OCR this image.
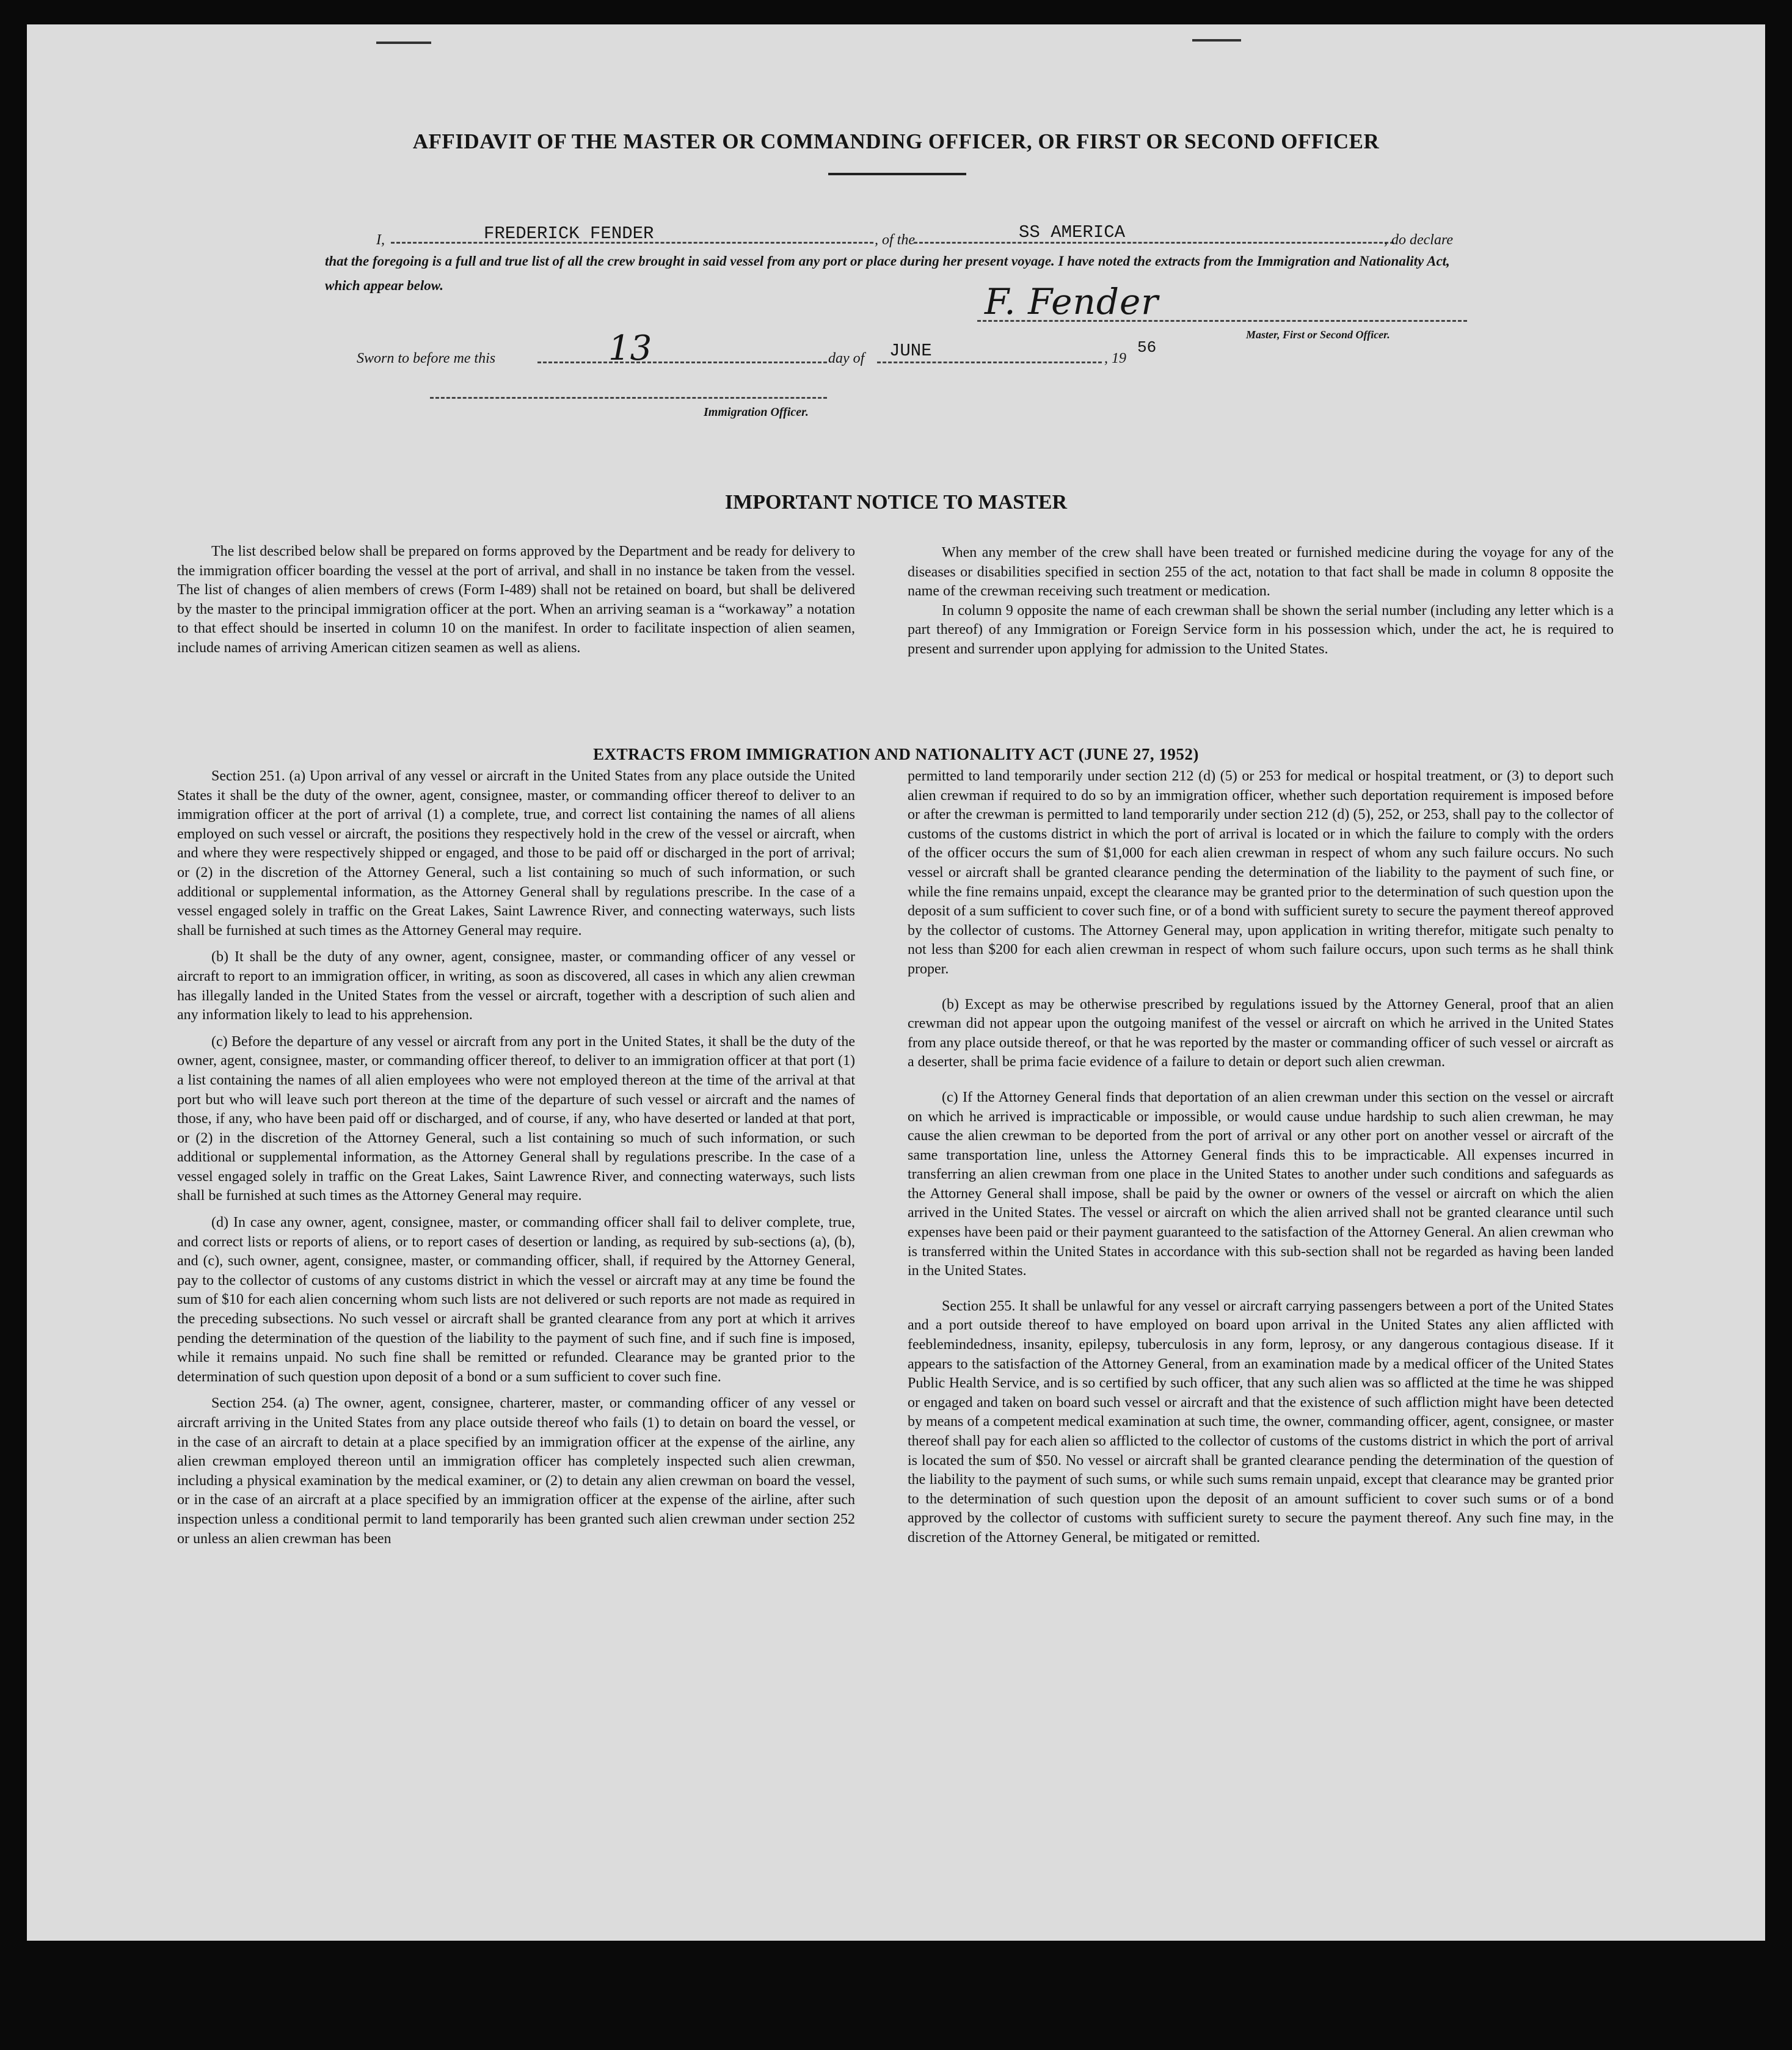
AFFIDAVIT OF THE MASTER OR COMMANDING OFFICER, OR FIRST OR SECOND OFFICER
I,	FREDERICK FENDER	, of the	SS AMERICA	, do declare
that the foregoing is a full and true list of all the crew brought in said vessel from any port or place during her present voyage. I have noted the extracts from the Immigration and Nationality Act, which appear below.	F. Fender
Master, First or Second Officer.
Sworn to before me this	13	day of JUNE	, 19
56
Immigration Officer.
IMPORTANT NOTICE TO MASTER

The list described below shall be prepared on forms approved by the Department and be ready for delivery to the immigration officer boarding the vessel at the port of arrival, and shall in no instance be taken from the vessel. The list of changes of alien members of crews (Form I-489) shall not be retained on board, but shall be delivered by the master to the principal immigration officer at the port. When an arriving seaman is a “workaway” a notation to that effect should be inserted in column 10 on the manifest. In order to facilitate inspection of alien seamen, include names of arriving American citizen seamen as well as aliens.

When any member of the crew shall have been treated or furnished medicine during the voyage for any of the diseases or disabilities specified in section 255 of the act, notation to that fact shall be made in column 8 opposite the name of the crewman receiving such treatment or medication.

In column 9 opposite the name of each crewman shall be shown the serial number (including any letter which is a part thereof) of any Immigration or Foreign Service form in his possession which, under the act, he is required to present and surrender upon applying for admission to the United States.

EXTRACTS FROM IMMIGRATION AND NATIONALITY ACT (JUNE 27, 1952)

Section 251. (a) Upon arrival of any vessel or aircraft in the United States from any place outside the United States it shall be the duty of the owner, agent, consignee, master, or commanding officer thereof to deliver to an immigration officer at the port of arrival (1) a complete, true, and correct list containing the names of all aliens employed on such vessel or aircraft, the positions they respectively hold in the crew of the vessel or aircraft, when and where they were respectively shipped or engaged, and those to be paid off or discharged in the port of arrival; or (2) in the discretion of the Attorney General, such a list containing so much of such information, or such additional or supplemental information, as the Attorney General shall by regulations prescribe. In the case of a vessel engaged solely in traffic on the Great Lakes, Saint Lawrence River, and connecting waterways, such lists shall be furnished at such times as the Attorney General may require.

(b) It shall be the duty of any owner, agent, consignee, master, or commanding officer of any vessel or aircraft to report to an immigration officer, in writing, as soon as discovered, all cases in which any alien crewman has illegally landed in the United States from the vessel or aircraft, together with a description of such alien and any information likely to lead to his apprehension.

(c) Before the departure of any vessel or aircraft from any port in the United States, it shall be the duty of the owner, agent, consignee, master, or commanding officer thereof, to deliver to an immigration officer at that port (1) a list containing the names of all alien employees who were not employed thereon at the time of the arrival at that port but who will leave such port thereon at the time of the departure of such vessel or aircraft and the names of those, if any, who have been paid off or discharged, and of course, if any, who have deserted or landed at that port, or (2) in the discretion of the Attorney General, such a list containing so much of such information, or such additional or supplemental information, as the Attorney General shall by regulations prescribe. In the case of a vessel engaged solely in traffic on the Great Lakes, Saint Lawrence River, and connecting waterways, such lists shall be furnished at such times as the Attorney General may require.

(d) In case any owner, agent, consignee, master, or commanding officer shall fail to deliver complete, true, and correct lists or reports of aliens, or to report cases of desertion or landing, as required by sub-sections (a), (b), and (c), such owner, agent, consignee, master, or commanding officer, shall, if required by the Attorney General, pay to the collector of customs of any customs district in which the vessel or aircraft may at any time be found the sum of $10 for each alien concerning whom such lists are not delivered or such reports are not made as required in the preceding subsections. No such vessel or aircraft shall be granted clearance from any port at which it arrives pending the determination of the question of the liability to the payment of such fine, and if such fine is imposed, while it remains unpaid. No such fine shall be remitted or refunded. Clearance may be granted prior to the determination of such question upon deposit of a bond or a sum sufficient to cover such fine.

Section 254. (a) The owner, agent, consignee, charterer, master, or commanding officer of any vessel or aircraft arriving in the United States from any place outside thereof who fails (1) to detain on board the vessel, or in the case of an aircraft to detain at a place specified by an immigration officer at the expense of the airline, any alien crewman employed thereon until an immigration officer has completely inspected such alien crewman, including a physical examination by the medical examiner, or (2) to detain any alien crewman on board the vessel, or in the case of an aircraft at a place specified by an immigration officer at the expense of the airline, after such inspection unless a conditional permit to land temporarily has been granted such alien crewman under section 252 or unless an alien crewman has been

permitted to land temporarily under section 212 (d) (5) or 253 for medical or hospital treatment, or (3) to deport such alien crewman if required to do so by an immigration officer, whether such deportation requirement is imposed before or after the crewman is permitted to land temporarily under section 212 (d) (5), 252, or 253, shall pay to the collector of customs of the customs district in which the port of arrival is located or in which the failure to comply with the orders of the officer occurs the sum of $1,000 for each alien crewman in respect of whom any such failure occurs. No such vessel or aircraft shall be granted clearance pending the determination of the liability to the payment of such fine, or while the fine remains unpaid, except the clearance may be granted prior to the determination of such question upon the deposit of a sum sufficient to cover such fine, or of a bond with sufficient surety to secure the payment thereof approved by the collector of customs. The Attorney General may, upon application in writing therefor, mitigate such penalty to not less than $200 for each alien crewman in respect of whom such failure occurs, upon such terms as he shall think proper.

(b) Except as may be otherwise prescribed by regulations issued by the Attorney General, proof that an alien crewman did not appear upon the outgoing manifest of the vessel or aircraft on which he arrived in the United States from any place outside thereof, or that he was reported by the master or commanding officer of such vessel or aircraft as a deserter, shall be prima facie evidence of a failure to detain or deport such alien crewman.

(c) If the Attorney General finds that deportation of an alien crewman under this section on the vessel or aircraft on which he arrived is impracticable or impossible, or would cause undue hardship to such alien crewman, he may cause the alien crewman to be deported from the port of arrival or any other port on another vessel or aircraft of the same transportation line, unless the Attorney General finds this to be impracticable. All expenses incurred in transferring an alien crewman from one place in the United States to another under such conditions and safeguards as the Attorney General shall impose, shall be paid by the owner or owners of the vessel or aircraft on which the alien arrived in the United States. The vessel or aircraft on which the alien arrived shall not be granted clearance until such expenses have been paid or their payment guaranteed to the satisfaction of the Attorney General. An alien crewman who is transferred within the United States in accordance with this sub-section shall not be regarded as having been landed in the United States.

Section 255. It shall be unlawful for any vessel or aircraft carrying passengers between a port of the United States and a port outside thereof to have employed on board upon arrival in the United States any alien afflicted with feeblemindedness, insanity, epilepsy, tuberculosis in any form, leprosy, or any dangerous contagious disease. If it appears to the satisfaction of the Attorney General, from an examination made by a medical officer of the United States Public Health Service, and is so certified by such officer, that any such alien was so afflicted at the time he was shipped or engaged and taken on board such vessel or aircraft and that the existence of such affliction might have been detected by means of a competent medical examination at such time, the owner, commanding officer, agent, consignee, or master thereof shall pay for each alien so afflicted to the collector of customs of the customs district in which the port of arrival is located the sum of $50. No vessel or aircraft shall be granted clearance pending the determination of the question of the liability to the payment of such sums, or while such sums remain unpaid, except that clearance may be granted prior to the determination of such question upon the deposit of an amount sufficient to cover such sums or of a bond approved by the collector of customs with sufficient surety to secure the payment thereof. Any such fine may, in the discretion of the Attorney General, be mitigated or remitted.
